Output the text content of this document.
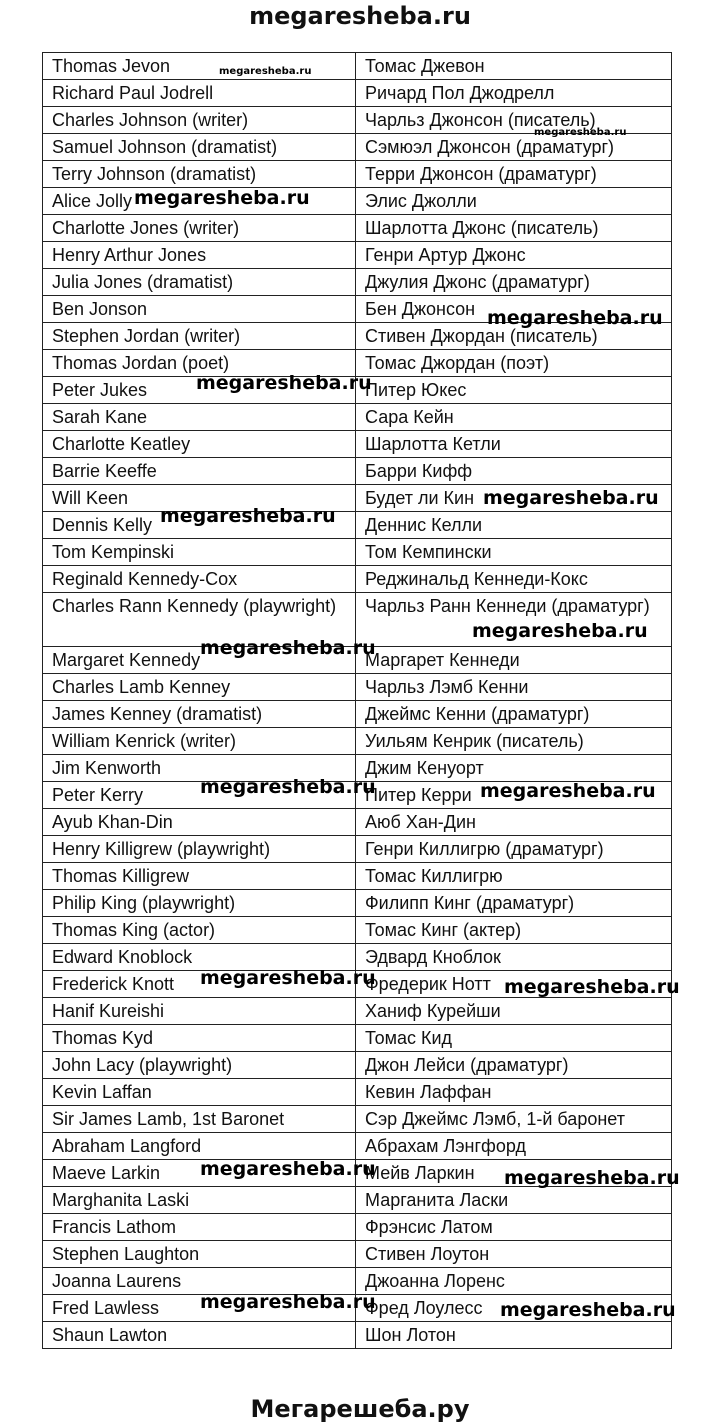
megaresheba.ru
Thomas Jevon	Томас Джевон
Richard Paul Jodrell	Ричард Пол Джодрелл
Charles Johnson (writer)	Чарльз Джонсон (писатель)
Samuel Johnson (dramatist)	Сэмюэл Джонсон (драматург)
Terry Johnson (dramatist)	Терри Джонсон (драматург)
Alice Jolly	Элис Джолли
Charlotte Jones (writer)	Шарлотта Джонс (писатель)
Henry Arthur Jones	Генри Артур Джонс
Julia Jones (dramatist)	Джулия Джонс (драматург)
Ben Jonson	Бен Джонсон
Stephen Jordan (writer)	Стивен Джордан (писатель)
Thomas Jordan (poet)	Томас Джордан (поэт)
Peter Jukes	Питер Юкес
Sarah Kane	Сара Кейн
Charlotte Keatley	Шарлотта Кетли
Barrie Keeffe	Барри Кифф
Will Keen	Будет ли Кин
Dennis Kelly	Деннис Келли
Tom Kempinski	Том Кемпински
Reginald Kennedy-Cox	Реджинальд Кеннеди-Кокс
Charles Rann Kennedy (playwright)	Чарльз Ранн Кеннеди (драматург)
Margaret Kennedy	Маргарет Кеннеди
Charles Lamb Kenney	Чарльз Лэмб Кенни
James Kenney (dramatist)	Джеймс Кенни (драматург)
William Kenrick (writer)	Уильям Кенрик (писатель)
Jim Kenworth	Джим Кенуорт
Peter Kerry	Питер Керри
Ayub Khan-Din	Аюб Хан-Дин
Henry Killigrew (playwright)	Генри Киллигрю (драматург)
Thomas Killigrew	Томас Киллигрю
Philip King (playwright)	Филипп Кинг (драматург)
Thomas King (actor)	Томас Кинг (актер)
Edward Knoblock	Эдвард Кноблок
Frederick Knott	Фредерик Нотт
Hanif Kureishi	Ханиф Курейши
Thomas Kyd	Томас Кид
John Lacy (playwright)	Джон Лейси (драматург)
Kevin Laffan	Кевин Лаффан
Sir James Lamb, 1st Baronet	Сэр Джеймс Лэмб, 1-й баронет
Abraham Langford	Абрахам Лэнгфорд
Maeve Larkin	Мейв Ларкин
Marghanita Laski	Марганита Ласки
Francis Lathom	Фрэнсис Латом
Stephen Laughton	Стивен Лоутон
Joanna Laurens	Джоанна Лоренс
Fred Lawless	Фред Лоулесс
Shaun Lawton	Шон Лотон
megaresheba.ru
megaresheba.ru
megaresheba.ru
megaresheba.ru
megaresheba.ru
megaresheba.ru
megaresheba.ru
megaresheba.ru
megaresheba.ru
megaresheba.ru	megaresheba.ru
megaresheba.ru	megaresheba.ru
megaresheba.ru	megaresheba.ru
megaresheba.ru	megaresheba.ru
Мегарешеба.ру
